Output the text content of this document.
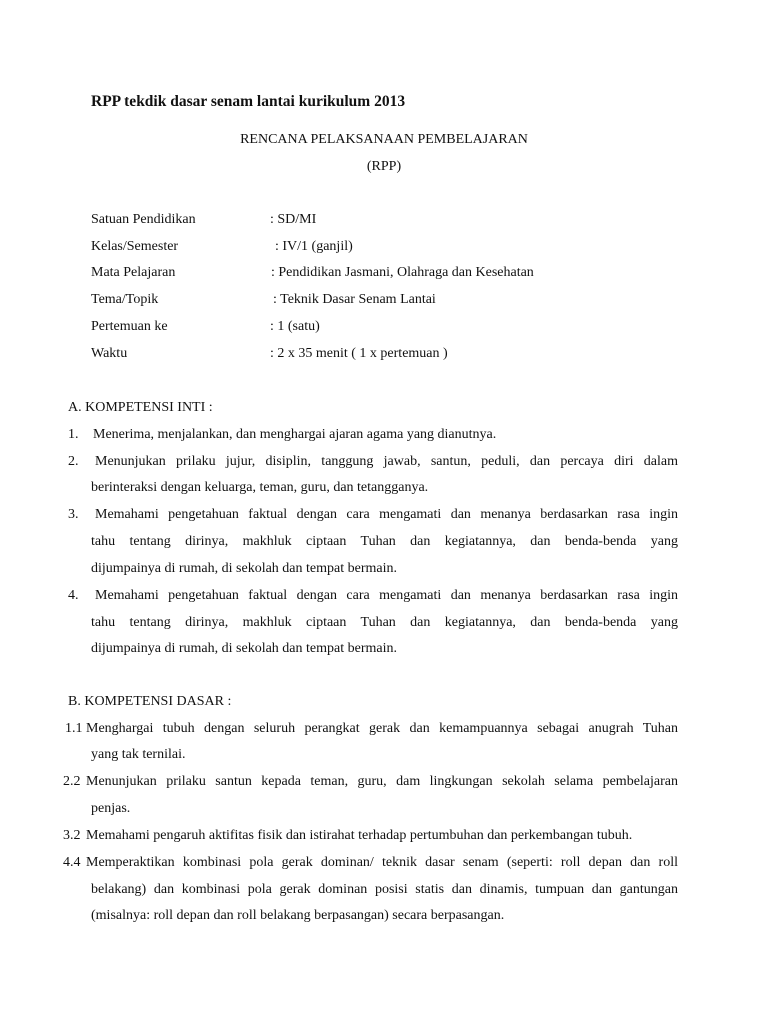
RPP tekdik dasar senam lantai kurikulum 2013
RENCANA PELAKSANAAN PEMBELAJARAN
(RPP)
Satuan Pendidikan	: SD/MI
Kelas/Semester	: IV/1 (ganjil)
Mata Pelajaran	: Pendidikan Jasmani, Olahraga dan Kesehatan
Tema/Topik	: Teknik Dasar Senam Lantai
Pertemuan ke	: 1 (satu)
Waktu	: 2 x 35 menit ( 1 x pertemuan )
A. KOMPETENSI INTI :
1. Menerima, menjalankan, dan menghargai ajaran agama yang dianutnya.
2. Menunjukan prilaku jujur, disiplin, tanggung jawab, santun, peduli, dan percaya diri dalam
berinteraksi dengan keluarga, teman, guru, dan tetangganya.
3. Memahami pengetahuan faktual dengan cara mengamati dan menanya berdasarkan rasa ingin
tahu tentang dirinya, makhluk ciptaan Tuhan dan kegiatannya, dan benda-benda yang
dijumpainya di rumah, di sekolah dan tempat bermain.
4. Memahami pengetahuan faktual dengan cara mengamati dan menanya berdasarkan rasa ingin
tahu tentang dirinya, makhluk ciptaan Tuhan dan kegiatannya, dan benda-benda yang
dijumpainya di rumah, di sekolah dan tempat bermain.
B. KOMPETENSI DASAR :
1.1 Menghargai tubuh dengan seluruh perangkat gerak dan kemampuannya sebagai anugrah Tuhan
yang tak ternilai.
2.2 Menunjukan prilaku santun kepada teman, guru, dam lingkungan sekolah selama pembelajaran
penjas.
3.2 Memahami pengaruh aktifitas fisik dan istirahat terhadap pertumbuhan dan perkembangan tubuh.
4.4 Memperaktikan kombinasi pola gerak dominan/ teknik dasar senam (seperti: roll depan dan roll
belakang) dan kombinasi pola gerak dominan posisi statis dan dinamis, tumpuan dan gantungan
(misalnya: roll depan dan roll belakang berpasangan) secara berpasangan.
